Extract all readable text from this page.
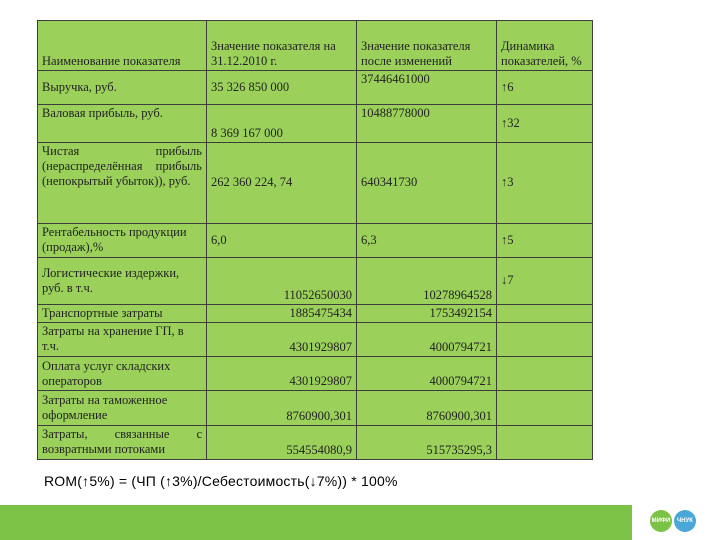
Наименование показателя	Значение показателя на 31.12.2010 г.	Значение показателя после изменений	Динамика показателей, %
Выручка, руб.	35 326 850 000	37446461000	↑6
Валовая прибыль, руб.	8 369 167 000	10488778000	↑32
Чистая прибыль (нераспределённая прибыль (непокрытый убыток)), руб.	262 360 224, 74	640341730	↑3
Рентабельность продукции (продаж),%	6,0	6,3	↑5
Логистические издержки, руб. в т.ч.	11052650030	10278964528	↓7
Транспортные затраты	1885475434	1753492154	
Затраты на хранение ГП, в т.ч.	4301929807	4000794721	
Оплата услуг складских операторов	4301929807	4000794721	
Затраты на таможенное оформление	8760900,301	8760900,301	
Затраты, связанные с возвратными потоками	554554080,9	515735295,3	
ROM(↑5%) = (ЧП (↑3%)/Себестоимость(↓7%)) * 100%
МИФИ	ЧНУК
